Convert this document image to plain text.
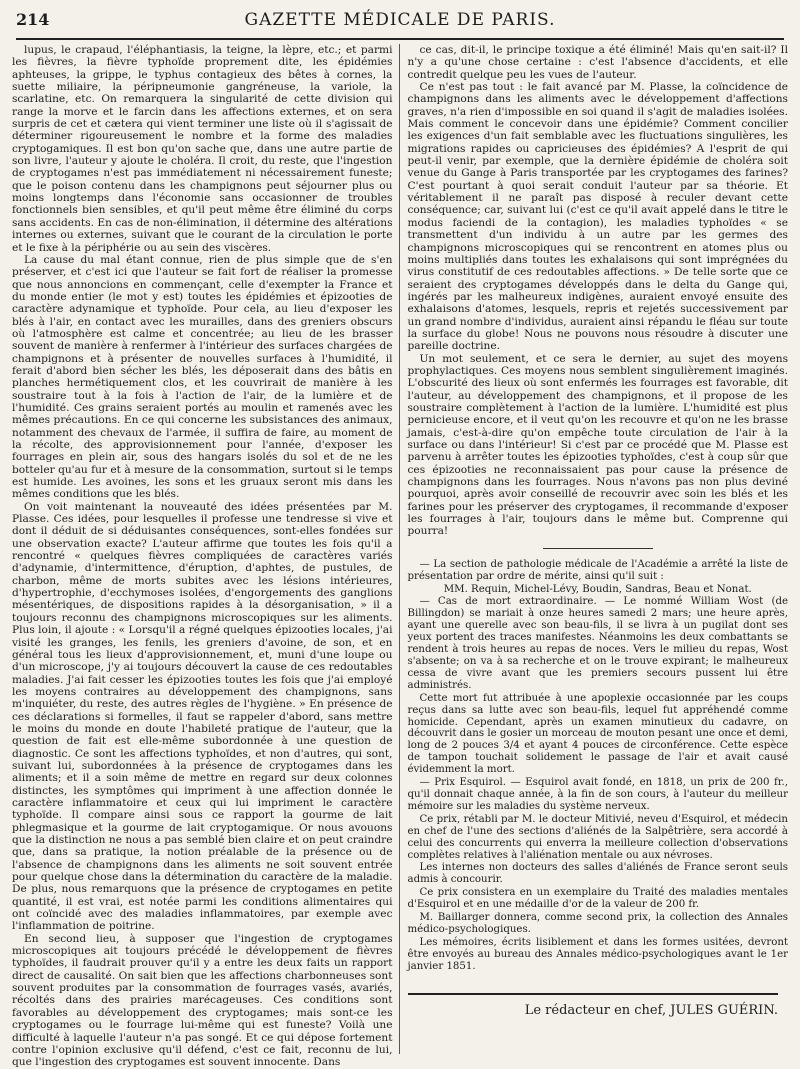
214	GAZETTE MÉDICALE DE PARIS.

lupus, le crapaud, l'éléphantiasis, la teigne, la lèpre, etc.; et parmi les fièvres, la fièvre typhoïde proprement dite, les épidémies aphteuses, la grippe, le typhus contagieux des bêtes à cornes, la suette miliaire, la péripneumonie gangréneuse, la variole, la scarlatine, etc. On remarquera la singularité de cette division qui range la morve et le farcin dans les affections externes, et on sera surpris de cet et cætera qui vient terminer une liste où il s'agissait de déterminer rigoureusement le nombre et la forme des maladies cryptogamiques. Il est bon qu'on sache que, dans une autre partie de son livre, l'auteur y ajoute le choléra. Il croit, du reste, que l'ingestion de cryptogames n'est pas immédiatement ni nécessairement funeste; que le poison contenu dans les champignons peut séjourner plus ou moins longtemps dans l'économie sans occasionner de troubles fonctionnels bien sensibles, et qu'il peut même être éliminé du corps sans accidents. En cas de non-élimination, il détermine des altérations internes ou externes, suivant que le courant de la circulation le porte et le fixe à la périphérie ou au sein des viscères.

La cause du mal étant connue, rien de plus simple que de s'en préserver, et c'est ici que l'auteur se fait fort de réaliser la promesse que nous annoncions en commençant, celle d'exempter la France et du monde entier (le mot y est) toutes les épidémies et épizooties de caractère adynamique et typhoïde. Pour cela, au lieu d'exposer les blés à l'air, en contact avec les murailles, dans des greniers obscurs où l'atmosphère est calme et concentrée; au lieu de les brasser souvent de manière à renfermer à l'intérieur des surfaces chargées de champignons et à présenter de nouvelles surfaces à l'humidité, il ferait d'abord bien sécher les blés, les déposerait dans des bâtis en planches hermétiquement clos, et les couvrirait de manière à les soustraire tout à la fois à l'action de l'air, de la lumière et de l'humidité. Ces grains seraient portés au moulin et ramenés avec les mêmes précautions. En ce qui concerne les subsistances des animaux, notamment des chevaux de l'armée, il suffira de faire, au moment de la récolte, des approvisionnement pour l'année, d'exposer les fourrages en plein air, sous des hangars isolés du sol et de ne les botteler qu'au fur et à mesure de la consommation, surtout si le temps est humide. Les avoines, les sons et les gruaux seront mis dans les mêmes conditions que les blés.

On voit maintenant la nouveauté des idées présentées par M. Plasse. Ces idées, pour lesquelles il professe une tendresse si vive et dont il déduit de si déduisantes conséquences, sont-elles fondées sur une observation exacte? L'auteur affirme que toutes les fois qu'il a rencontré « quelques fièvres compliquées de caractères variés d'adynamie, d'intermittence, d'éruption, d'aphtes, de pustules, de charbon, même de morts subites avec les lésions intérieures, d'hypertrophie, d'ecchymoses isolées, d'engorgements des ganglions mésentériques, de dispositions rapides à la désorganisation, » il a toujours reconnu des champignons microscopiques sur les aliments. Plus loin, il ajoute : « Lorsqu'il a régné quelques épizooties locales, j'ai visité les granges, les fenils, les greniers d'avoine, de son, et en général tous les lieux d'approvisionnement, et, muni d'une loupe ou d'un microscope, j'y ai toujours découvert la cause de ces redoutables maladies. J'ai fait cesser les épizooties toutes les fois que j'ai employé les moyens contraires au développement des champignons, sans m'inquiéter, du reste, des autres règles de l'hygiène. » En présence de ces déclarations si formelles, il faut se rappeler d'abord, sans mettre le moins du monde en doute l'habileté pratique de l'auteur, que la question de fait est elle-même subordonnée à une question de diagnostic. Ce sont les affections typhoïdes, et non d'autres, qui sont, suivant lui, subordonnées à la présence de cryptogames dans les aliments; et il a soin même de mettre en regard sur deux colonnes distinctes, les symptômes qui impriment à une affection donnée le caractère inflammatoire et ceux qui lui impriment le caractère typhoïde. Il compare ainsi sous ce rapport la gourme de lait phlegmasique et la gourme de lait cryptogamique. Or nous avouons que la distinction ne nous a pas semblé bien claire et on peut craindre que, dans sa pratique, la notion préalable de la présence ou de l'absence de champignons dans les aliments ne soit souvent entrée pour quelque chose dans la détermination du caractère de la maladie. De plus, nous remarquons que la présence de cryptogames en petite quantité, il est vrai, est notée parmi les conditions alimentaires qui ont coïncidé avec des maladies inflammatoires, par exemple avec l'inflammation de poitrine.

En second lieu, à supposer que l'ingestion de cryptogames microscopiques ait toujours précédé le développement de fièvres typhoïdes, il faudrait prouver qu'il y a entre les deux faits un rapport direct de causalité. On sait bien que les affections charbonneuses sont souvent produites par la consommation de fourrages vasés, avariés, récoltés dans des prairies marécageuses. Ces conditions sont favorables au développement des cryptogames; mais sont-ce les cryptogames ou le fourrage lui-même qui est funeste? Voilà une difficulté à laquelle l'auteur n'a pas songé. Et ce qui dépose fortement contre l'opinion exclusive qu'il défend, c'est ce fait, reconnu de lui, que l'ingestion des cryptogames est souvent innocente. Dans

ce cas, dit-il, le principe toxique a été éliminé! Mais qu'en sait-il? Il n'y a qu'une chose certaine : c'est l'absence d'accidents, et elle contredit quelque peu les vues de l'auteur.

Ce n'est pas tout : le fait avancé par M. Plasse, la coïncidence de champignons dans les aliments avec le développement d'affections graves, n'a rien d'impossible en soi quand il s'agit de maladies isolées. Mais comment le concevoir dans une épidémie? Comment concilier les exigences d'un fait semblable avec les fluctuations singulières, les migrations rapides ou capricieuses des épidémies? A l'esprit de qui peut-il venir, par exemple, que la dernière épidémie de choléra soit venue du Gange à Paris transportée par les cryptogames des farines? C'est pourtant à quoi serait conduit l'auteur par sa théorie. Et véritablement il ne paraît pas disposé à reculer devant cette conséquence; car, suivant lui (c'est ce qu'il avait appelé dans le titre le modus faciendi de la contagion), les maladies typhoïdes « se transmettent d'un individu à un autre par les germes des champignons microscopiques qui se rencontrent en atomes plus ou moins multipliés dans toutes les exhalaisons qui sont imprégnées du virus constitutif de ces redoutables affections. » De telle sorte que ce seraient des cryptogames développés dans le delta du Gange qui, ingérés par les malheureux indigènes, auraient envoyé ensuite des exhalaisons d'atomes, lesquels, repris et rejetés successivement par un grand nombre d'individus, auraient ainsi répandu le fléau sur toute la surface du globe! Nous ne pouvons nous résoudre à discuter une pareille doctrine.

Un mot seulement, et ce sera le dernier, au sujet des moyens prophylactiques. Ces moyens nous semblent singulièrement imaginés. L'obscurité des lieux où sont enfermés les fourrages est favorable, dit l'auteur, au développement des champignons, et il propose de les soustraire complètement à l'action de la lumière. L'humidité est plus pernicieuse encore, et il veut qu'on les recouvre et qu'on ne les brasse jamais, c'est-à-dire qu'on empêche toute circulation de l'air à la surface ou dans l'intérieur! Si c'est par ce procédé que M. Plasse est parvenu à arrêter toutes les épizooties typhoïdes, c'est à coup sûr que ces épizooties ne reconnaissaient pas pour cause la présence de champignons dans les fourrages. Nous n'avons pas non plus deviné pourquoi, après avoir conseillé de recouvrir avec soin les blés et les farines pour les préserver des cryptogames, il recommande d'exposer les fourrages à l'air, toujours dans le même but. Comprenne qui pourra!

— La section de pathologie médicale de l'Académie a arrêté la liste de présentation par ordre de mérite, ainsi qu'il suit :

MM. Requin, Michel-Lévy, Boudin, Sandras, Beau et Nonat.

— Cas de mort extraordinaire. — Le nommé William Wost (de Billingdon) se mariait à onze heures samedi 2 mars; une heure après, ayant une querelle avec son beau-fils, il se livra à un pugilat dont ses yeux portent des traces manifestes. Néanmoins les deux combattants se rendent à trois heures au repas de noces. Vers le milieu du repas, Wost s'absente; on va à sa recherche et on le trouve expirant; le malheureux cessa de vivre avant que les premiers secours pussent lui être administrés.

Cette mort fut attribuée à une apoplexie occasionnée par les coups reçus dans sa lutte avec son beau-fils, lequel fut appréhendé comme homicide. Cependant, après un examen minutieux du cadavre, on découvrit dans le gosier un morceau de mouton pesant une once et demi, long de 2 pouces 3/4 et ayant 4 pouces de circonférence. Cette espèce de tampon touchait solidement le passage de l'air et avait causé évidemment la mort.

— Prix Esquirol. — Esquirol avait fondé, en 1818, un prix de 200 fr., qu'il donnait chaque année, à la fin de son cours, à l'auteur du meilleur mémoire sur les maladies du système nerveux.

Ce prix, rétabli par M. le docteur Mitivié, neveu d'Esquirol, et médecin en chef de l'une des sections d'aliénés de la Salpêtrière, sera accordé à celui des concurrents qui enverra la meilleure collection d'observations complètes relatives à l'aliénation mentale ou aux névroses.

Les internes non docteurs des salles d'aliénés de France seront seuls admis à concourir.

Ce prix consistera en un exemplaire du Traité des maladies mentales d'Esquirol et en une médaille d'or de la valeur de 200 fr.

M. Baillarger donnera, comme second prix, la collection des Annales médico-psychologiques.

Les mémoires, écrits lisiblement et dans les formes usitées, devront être envoyés au bureau des Annales médico-psychologiques avant le 1er janvier 1851.

Le rédacteur en chef, JULES GUÉRIN.
